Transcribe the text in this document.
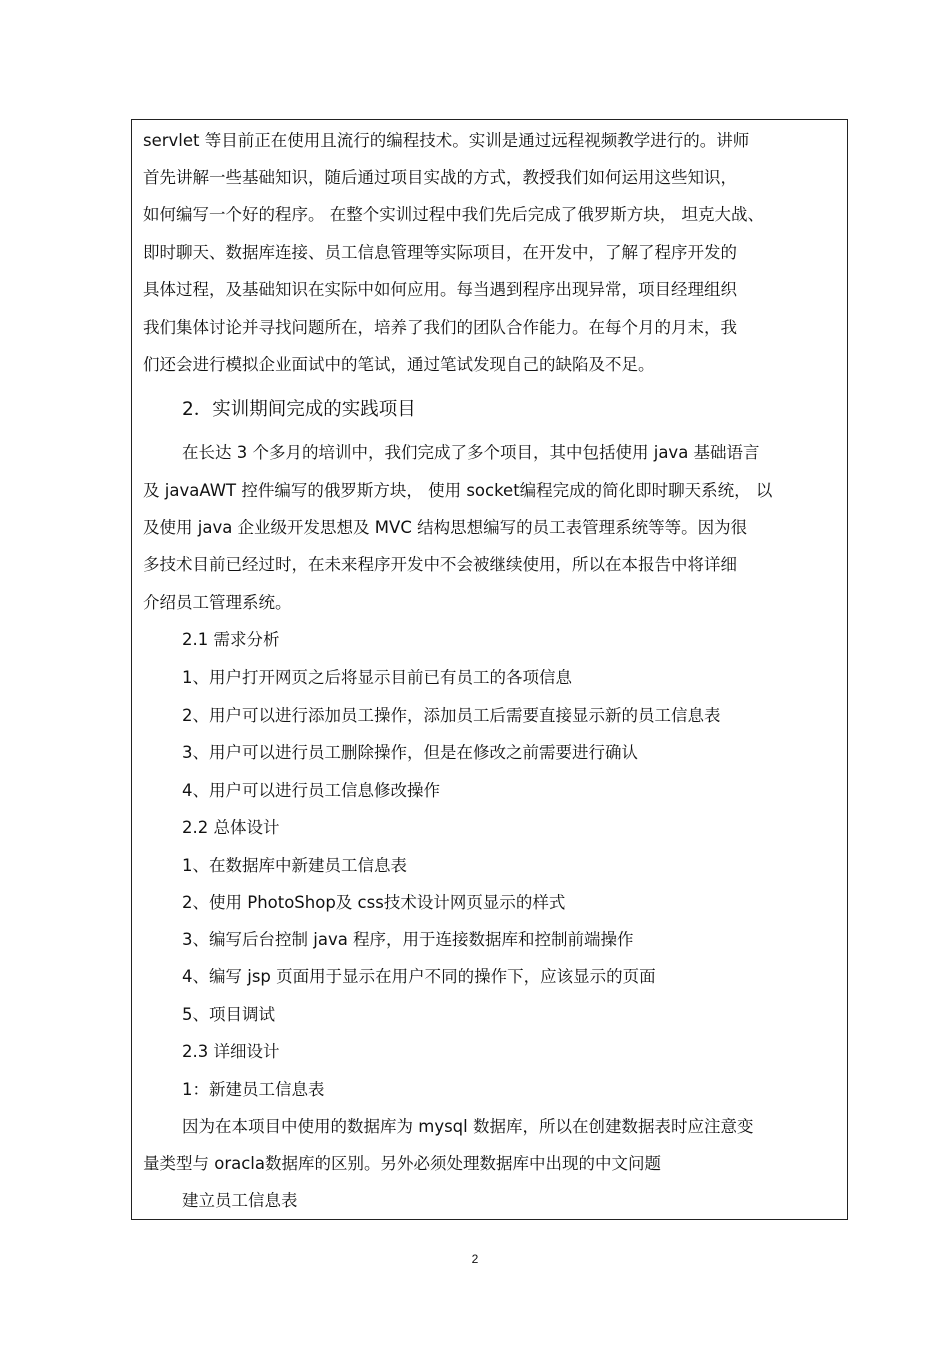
servlet 等目前正在使用且流行的编程技术。实训是通过远程视频教学进行的。讲师
首先讲解一些基础知识，随后通过项目实战的方式，教授我们如何运用这些知识，
如何编写一个好的程序。 在整个实训过程中我们先后完成了俄罗斯方块， 坦克大战、
即时聊天、数据库连接、员工信息管理等实际项目，在开发中，了解了程序开发的
具体过程，及基础知识在实际中如何应用。每当遇到程序出现异常，项目经理组织
我们集体讨论并寻找问题所在，培养了我们的团队合作能力。在每个月的月末，我
们还会进行模拟企业面试中的笔试，通过笔试发现自己的缺陷及不足。
2．实训期间完成的实践项目
在长达 3 个多月的培训中，我们完成了多个项目，其中包括使用 java 基础语言
及 javaAWT 控件编写的俄罗斯方块， 使用 socket编程完成的简化即时聊天系统， 以
及使用 java 企业级开发思想及 MVC 结构思想编写的员工表管理系统等等。因为很
多技术目前已经过时，在未来程序开发中不会被继续使用，所以在本报告中将详细
介绍员工管理系统。
2.1 需求分析
1、用户打开网页之后将显示目前已有员工的各项信息
2、用户可以进行添加员工操作，添加员工后需要直接显示新的员工信息表
3、用户可以进行员工删除操作，但是在修改之前需要进行确认
4、用户可以进行员工信息修改操作
2.2 总体设计
1、在数据库中新建员工信息表
2、使用 PhotoShop及 css技术设计网页显示的样式
3、编写后台控制 java 程序，用于连接数据库和控制前端操作
4、编写 jsp 页面用于显示在用户不同的操作下，应该显示的页面
5、项目调试
2.3 详细设计
1：新建员工信息表
因为在本项目中使用的数据库为 mysql 数据库，所以在创建数据表时应注意变
量类型与 oracla数据库的区别。另外必须处理数据库中出现的中文问题
建立员工信息表
2
